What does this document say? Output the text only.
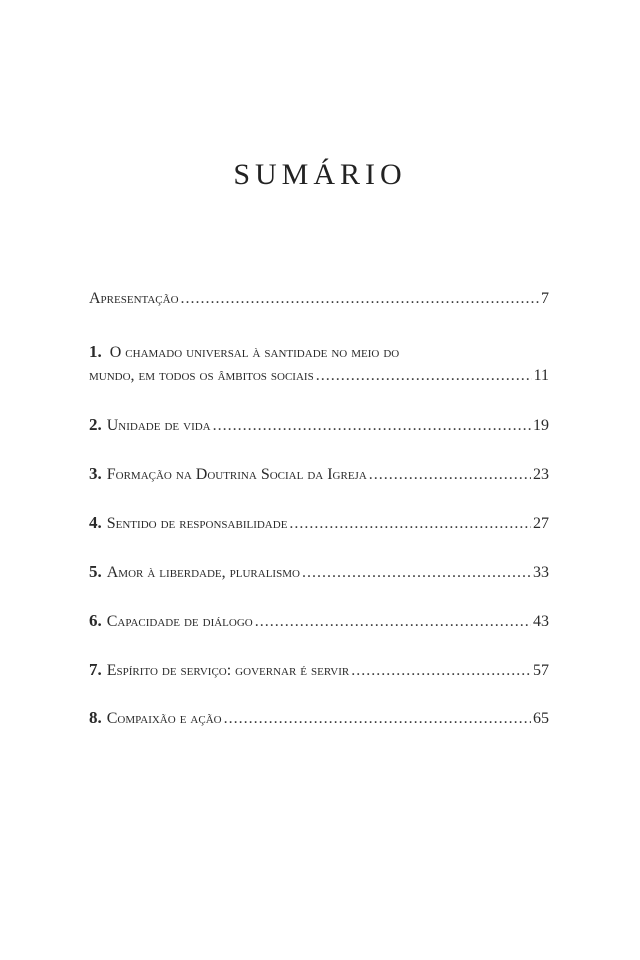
SUMÁRIO
Apresentação .....	7
1. O chamado universal à santidade no meio do
mundo, em todos os âmbitos sociais .....	11
2. Unidade de vida .....	19
3. Formação na Doutrina Social da Igreja .....	23
4. Sentido de responsabilidade .....	27
5. Amor à liberdade, pluralismo .....	33
6. Capacidade de diálogo .....	43
7. Espírito de serviço: governar é servir .....	57
8. Compaixão e ação .....	65
